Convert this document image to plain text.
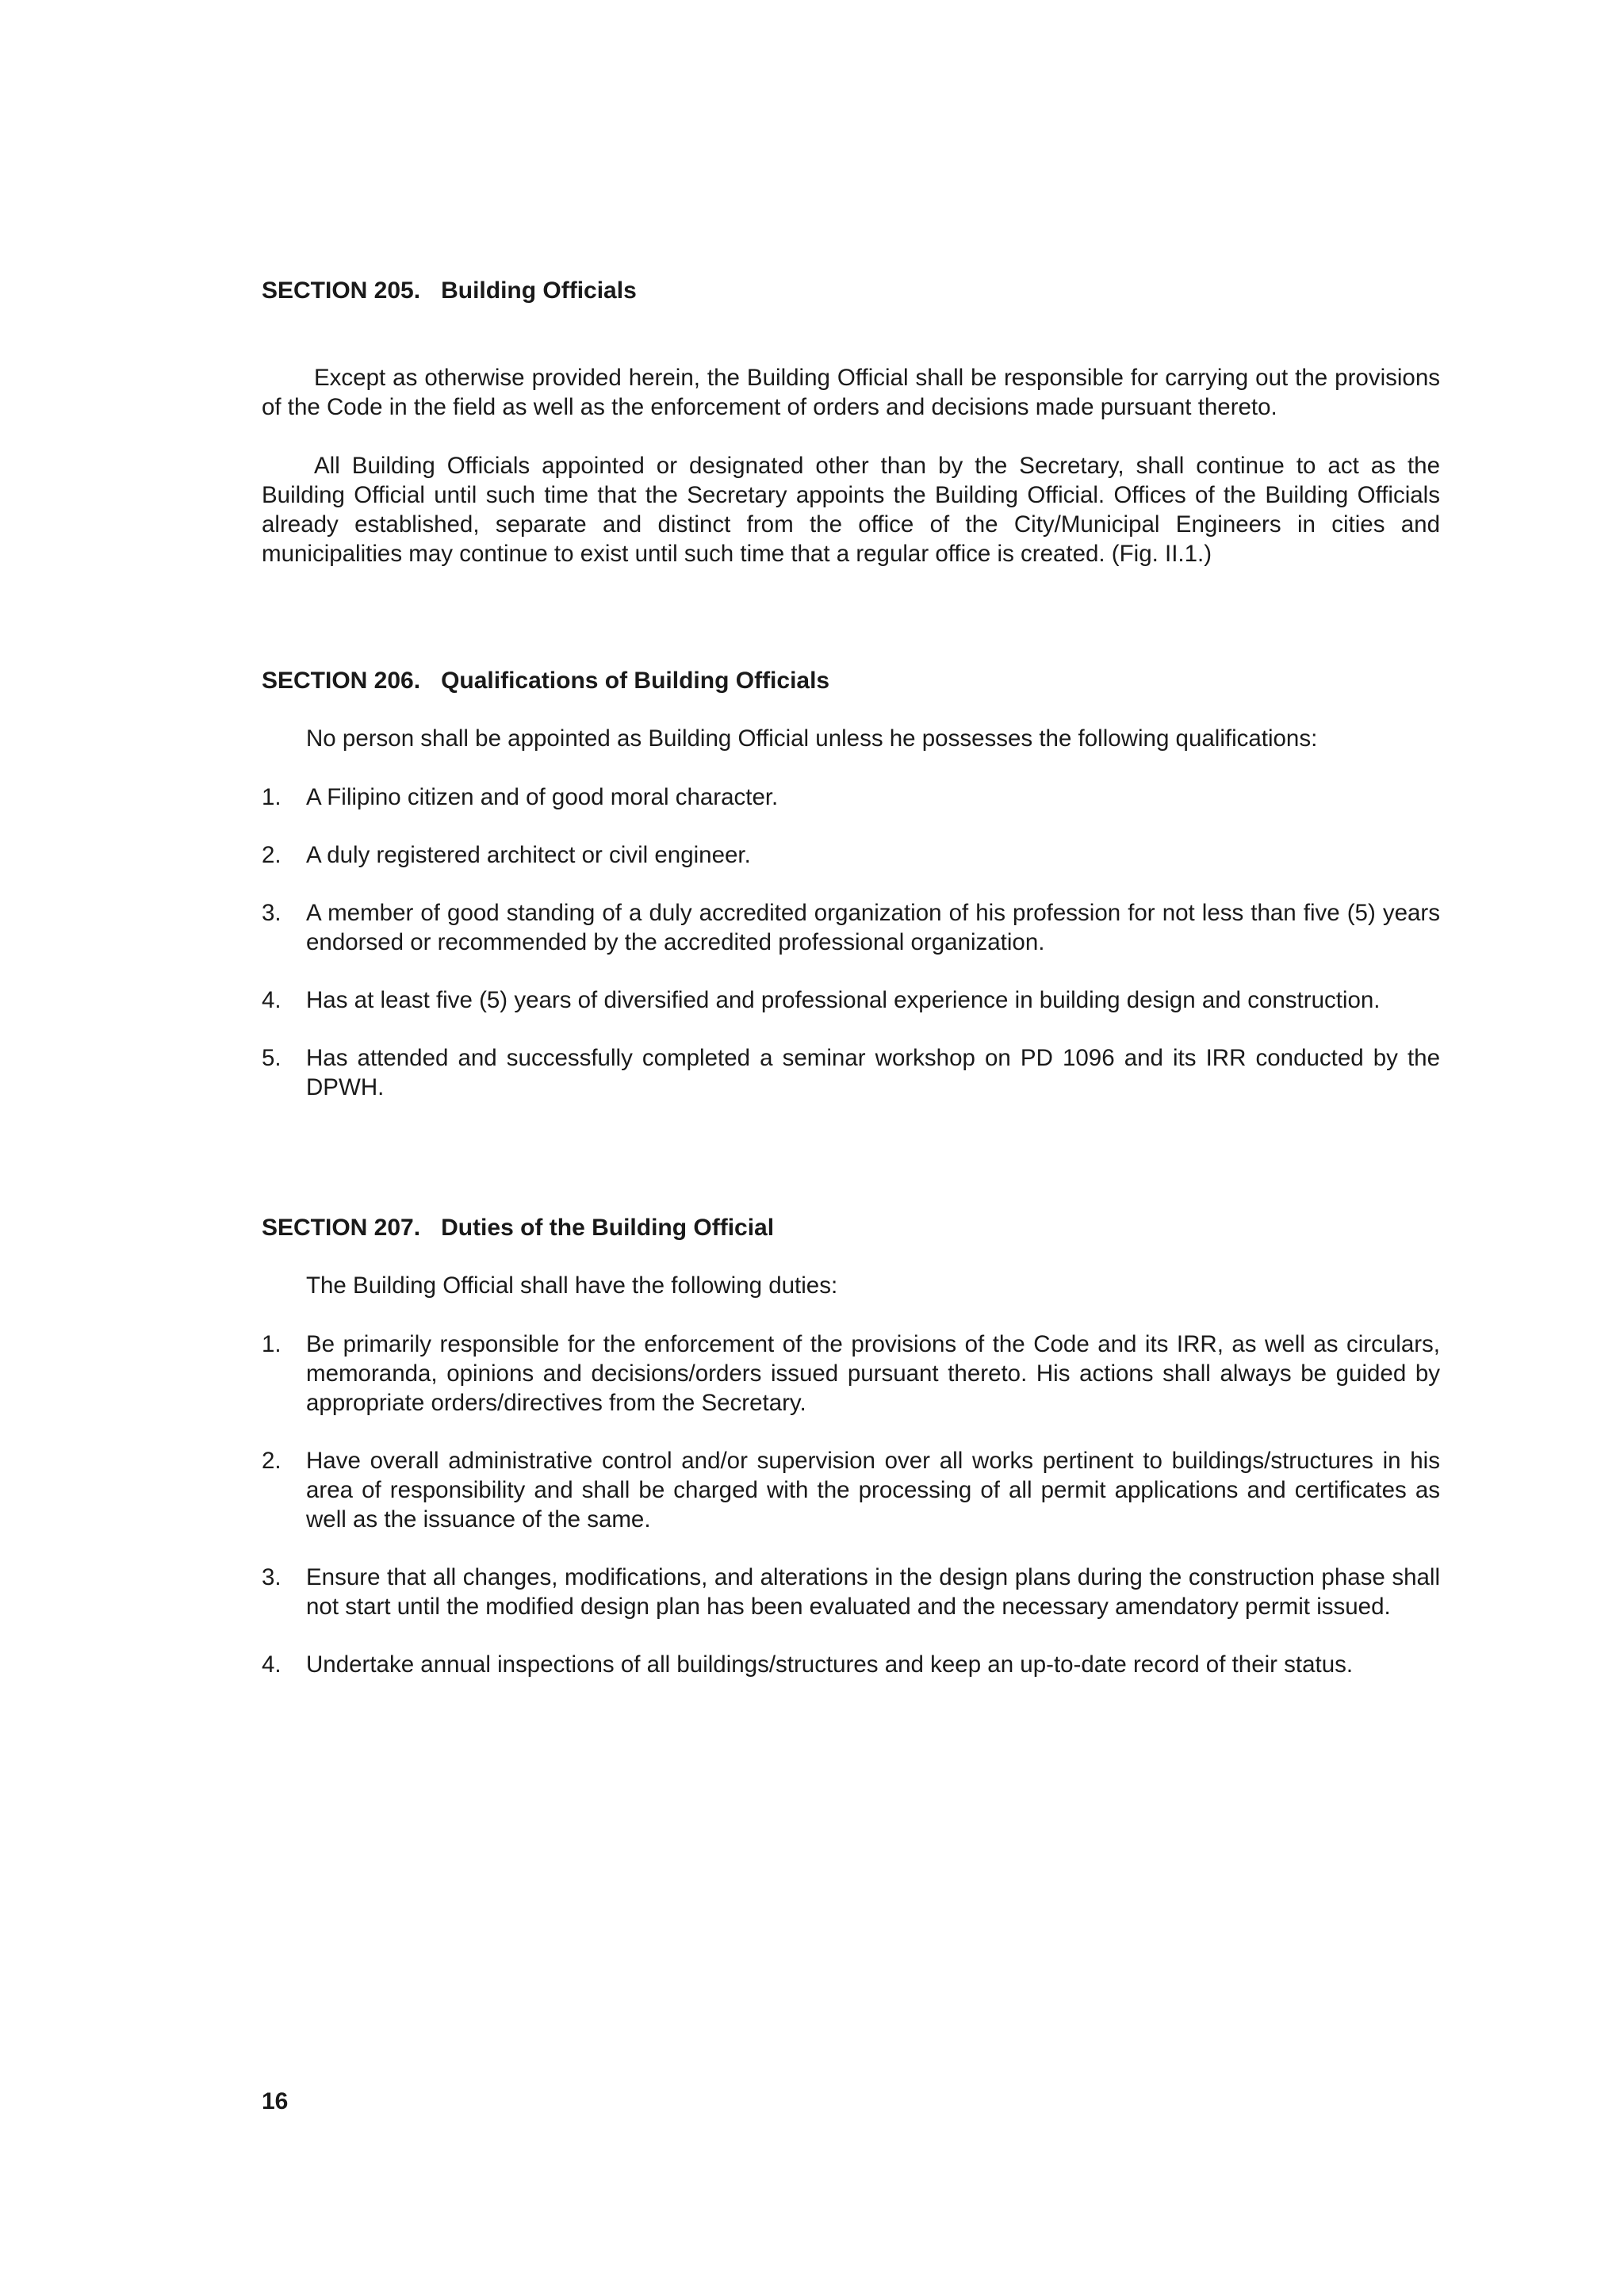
SECTION 205. Building Officials

Except as otherwise provided herein, the Building Official shall be responsible for carrying out the provisions of the Code in the field as well as the enforcement of orders and decisions made pursuant thereto.

All Building Officials appointed or designated other than by the Secretary, shall continue to act as the Building Official until such time that the Secretary appoints the Building Official. Offices of the Building Officials already established, separate and distinct from the office of the City/Municipal Engineers in cities and municipalities may continue to exist until such time that a regular office is created. (Fig. II.1.)

SECTION 206. Qualifications of Building Officials

No person shall be appointed as Building Official unless he possesses the following qualifications:

1. A Filipino citizen and of good moral character.
2. A duly registered architect or civil engineer.
3. A member of good standing of a duly accredited organization of his profession for not less than five (5) years endorsed or recommended by the accredited professional organization.
4. Has at least five (5) years of diversified and professional experience in building design and construction.
5. Has attended and successfully completed a seminar workshop on PD 1096 and its IRR conducted by the DPWH.
SECTION 207. Duties of the Building Official

The Building Official shall have the following duties:

1. Be primarily responsible for the enforcement of the provisions of the Code and its IRR, as well as circulars, memoranda, opinions and decisions/orders issued pursuant thereto. His actions shall always be guided by appropriate orders/directives from the Secretary.
2. Have overall administrative control and/or supervision over all works pertinent to buildings/structures in his area of responsibility and shall be charged with the processing of all permit applications and certificates as well as the issuance of the same.
3. Ensure that all changes, modifications, and alterations in the design plans during the construction phase shall not start until the modified design plan has been evaluated and the necessary amendatory permit issued.
4. Undertake annual inspections of all buildings/structures and keep an up-to-date record of their status.
16
